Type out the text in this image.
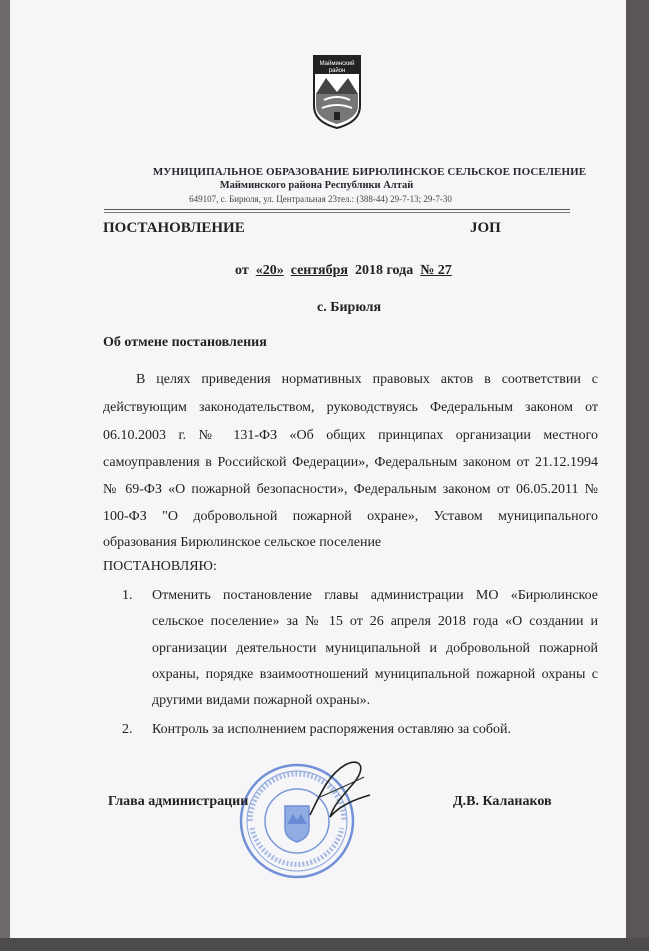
Майминский
район
МУНИЦИПАЛЬНОЕ ОБРАЗОВАНИЕ БИРЮЛИНСКОЕ СЕЛЬСКОЕ ПОСЕЛЕНИЕ
Майминского района Республики Алтай
649107, с. Бирюля, ул. Центральная 23тел.: (388-44) 29-7-13; 29-7-30
ПОСТАНОВЛЕНИЕ	JОП
от «20» сентября 2018 года № 27
с. Бирюля
Об отмене постановления
В целях приведения нормативных правовых актов в соответствии с
действующим законодательством, руководствуясь Федеральным законом от
06.10.2003 г. № 131-ФЗ «Об общих принципах организации местного
самоуправления в Российской Федерации», Федеральным законом от 21.12.1994
№ 69-ФЗ «О пожарной безопасности», Федеральным законом от 06.05.2011 №
100-ФЗ "О добровольной пожарной охране», Уставом муниципального
образования Бирюлинское сельское поселение
ПОСТАНОВЛЯЮ:
1. Отменить постановление главы администрации МО «Бирюлинское
сельское поселение» за № 15 от 26 апреля 2018 года «О создании и
организации деятельности муниципальной и добровольной пожарной
охраны, порядке взаимоотношений муниципальной пожарной охраны с
другими видами пожарной охраны».
2. Контроль за исполнением распоряжения оставляю за собой.
Глава администрации	Д.В. Каланаков
